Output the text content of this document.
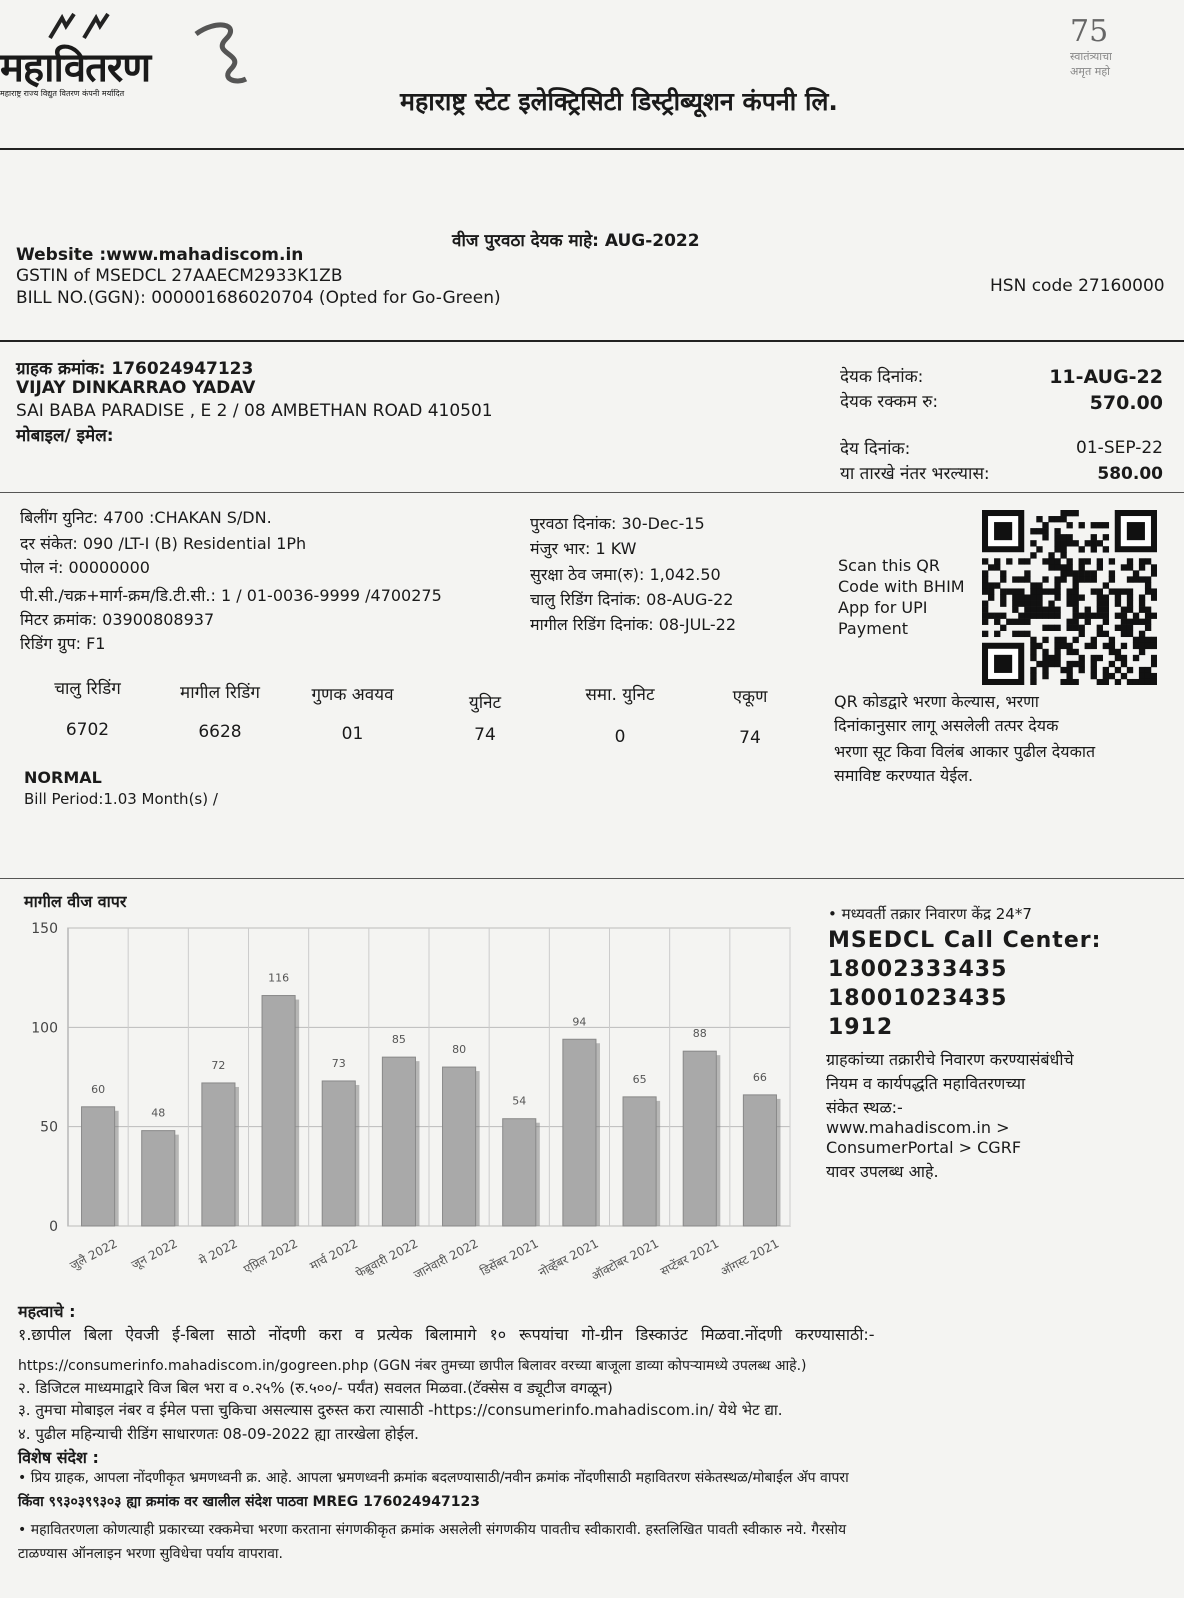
महावितरण
महाराष्ट्र राज्य विद्युत वितरण कंपनी मर्यादित	महाराष्ट्र स्टेट इलेक्ट्रिसिटी डिस्ट्रीब्यूशन कंपनी लि.
75
स्वातंत्र्याचा
अमृत महो
वीज पुरवठा देयक माहे: AUG-2022
Website :www.mahadiscom.in
GSTIN of MSEDCL 27AAECM2933K1ZB
BILL NO.(GGN): 000001686020704 (Opted for Go-Green)
HSN code 27160000
ग्राहक क्रमांक: 176024947123
VIJAY DINKARRAO YADAV
SAI BABA PARADISE , E 2 / 08 AMBETHAN ROAD 410501
मोबाइल/ इमेल:
देयक दिनांक:	11-AUG-22
देयक रक्कम रु:	570.00
देय दिनांक:	01-SEP-22
या तारखे नंतर भरल्यास:	580.00
बिलींग युनिट: 4700 :CHAKAN S/DN.
दर संकेत: 090 /LT-I (B) Residential 1Ph
पोल नं: 00000000
पी.सी./चक्र+मार्ग-क्रम/डि.टी.सी.: 1 / 01-0036-9999 /4700275
मिटर क्रमांक: 03900808937
रिडिंग ग्रुप: F1
पुरवठा दिनांक: 30-Dec-15
मंजुर भार: 1 KW
सुरक्षा ठेव जमा(रु): 1,042.50
चालु रिडिंग दिनांक: 08-AUG-22
मागील रिडिंग दिनांक: 08-JUL-22
Scan this QR
Code with BHIM
App for UPI
Payment
QR कोडद्वारे भरणा केल्यास, भरणा
दिनांकानुसार लागू असलेली तत्पर देयक
भरणा सूट किवा विलंब आकार पुढील देयकात
समाविष्ट करण्यात येईल.
चालु रिडिंग	मागील रिडिंग	गुणक अवयव	युनिट	समा. युनिट	एकूण
6702	6628	01	74	0	74
NORMAL
Bill Period:1.03 Month(s) /
मागील वीज वापर
0
50
100
150
60
जुलै 2022
48
जून 2022
72
मे 2022
116
एप्रिल 2022
73
मार्च 2022
85
फेब्रुवारी 2022
80
जानेवारी 2022
54
डिसेंबर 2021
94
नोव्हेंबर 2021
65
ऑक्टोबर 2021
88
सप्टेंबर 2021
66
ऑगस्ट 2021
• मध्यवर्ती तक्रार निवारण केंद्र 24*7
MSEDCL Call Center:
18002333435
18001023435
1912
ग्राहकांच्या तक्रारीचे निवारण करण्यासंबंधीचे
नियम व कार्यपद्धति महावितरणच्या
संकेत स्थळ:-
www.mahadiscom.in >
ConsumerPortal > CGRF
यावर उपलब्ध आहे.
महत्वाचे :
१.छापील बिला ऐवजी ई-बिला साठो नोंदणी करा व प्रत्येक बिलामागे १० रूपयांचा गो-ग्रीन डिस्काउंट मिळवा.नोंदणी करण्यासाठी:-
https://consumerinfo.mahadiscom.in/gogreen.php (GGN नंबर तुमच्या छापील बिलावर वरच्या बाजूला डाव्या कोपऱ्यामध्ये उपलब्ध आहे.)
२. डिजिटल माध्यमाद्वारे विज बिल भरा व ०.२५% (रु.५००/- पर्यंत) सवलत मिळवा.(टॅक्सेस व ड्यूटीज वगळून)
३. तुमचा मोबाइल नंबर व ईमेल पत्ता चुकिचा असल्यास दुरुस्त करा त्यासाठी -https://consumerinfo.mahadiscom.in/ येथे भेट द्या.
४. पुढील महिन्याची रीडिंग साधारणतः 08-09-2022 ह्या तारखेला होईल.
विशेष संदेश :
• प्रिय ग्राहक, आपला नोंदणीकृत भ्रमणध्वनी क्र. आहे. आपला भ्रमणध्वनी क्रमांक बदलण्यासाठी/नवीन क्रमांक नोंदणीसाठी महावितरण संकेतस्थळ/मोबाईल ॲप वापरा
किंवा ९९३०३९९३०३ ह्या क्रमांक वर खालील संदेश पाठवा MREG 176024947123
• महावितरणला कोणत्याही प्रकारच्या रक्कमेचा भरणा करताना संगणकीकृत क्रमांक असलेली संगणकीय पावतीच स्वीकारावी. हस्तलिखित पावती स्वीकारु नये. गैरसोय
टाळण्यास ऑनलाइन भरणा सुविधेचा पर्याय वापरावा.
